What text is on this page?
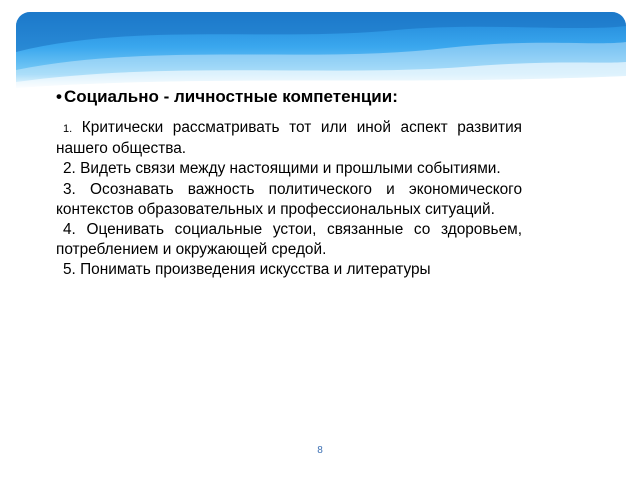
• Социально - личностные компетенции:
1. Критически рассматривать тот или иной аспект развития нашего общества.
2. Видеть связи между настоящими и прошлыми событиями.
3. Осознавать важность политического и экономического контекстов образовательных и профессиональных ситуаций.
4. Оценивать социальные устои, связанные со здоровьем, потреблением и окружающей средой.
5. Понимать произведения искусства и литературы
8
